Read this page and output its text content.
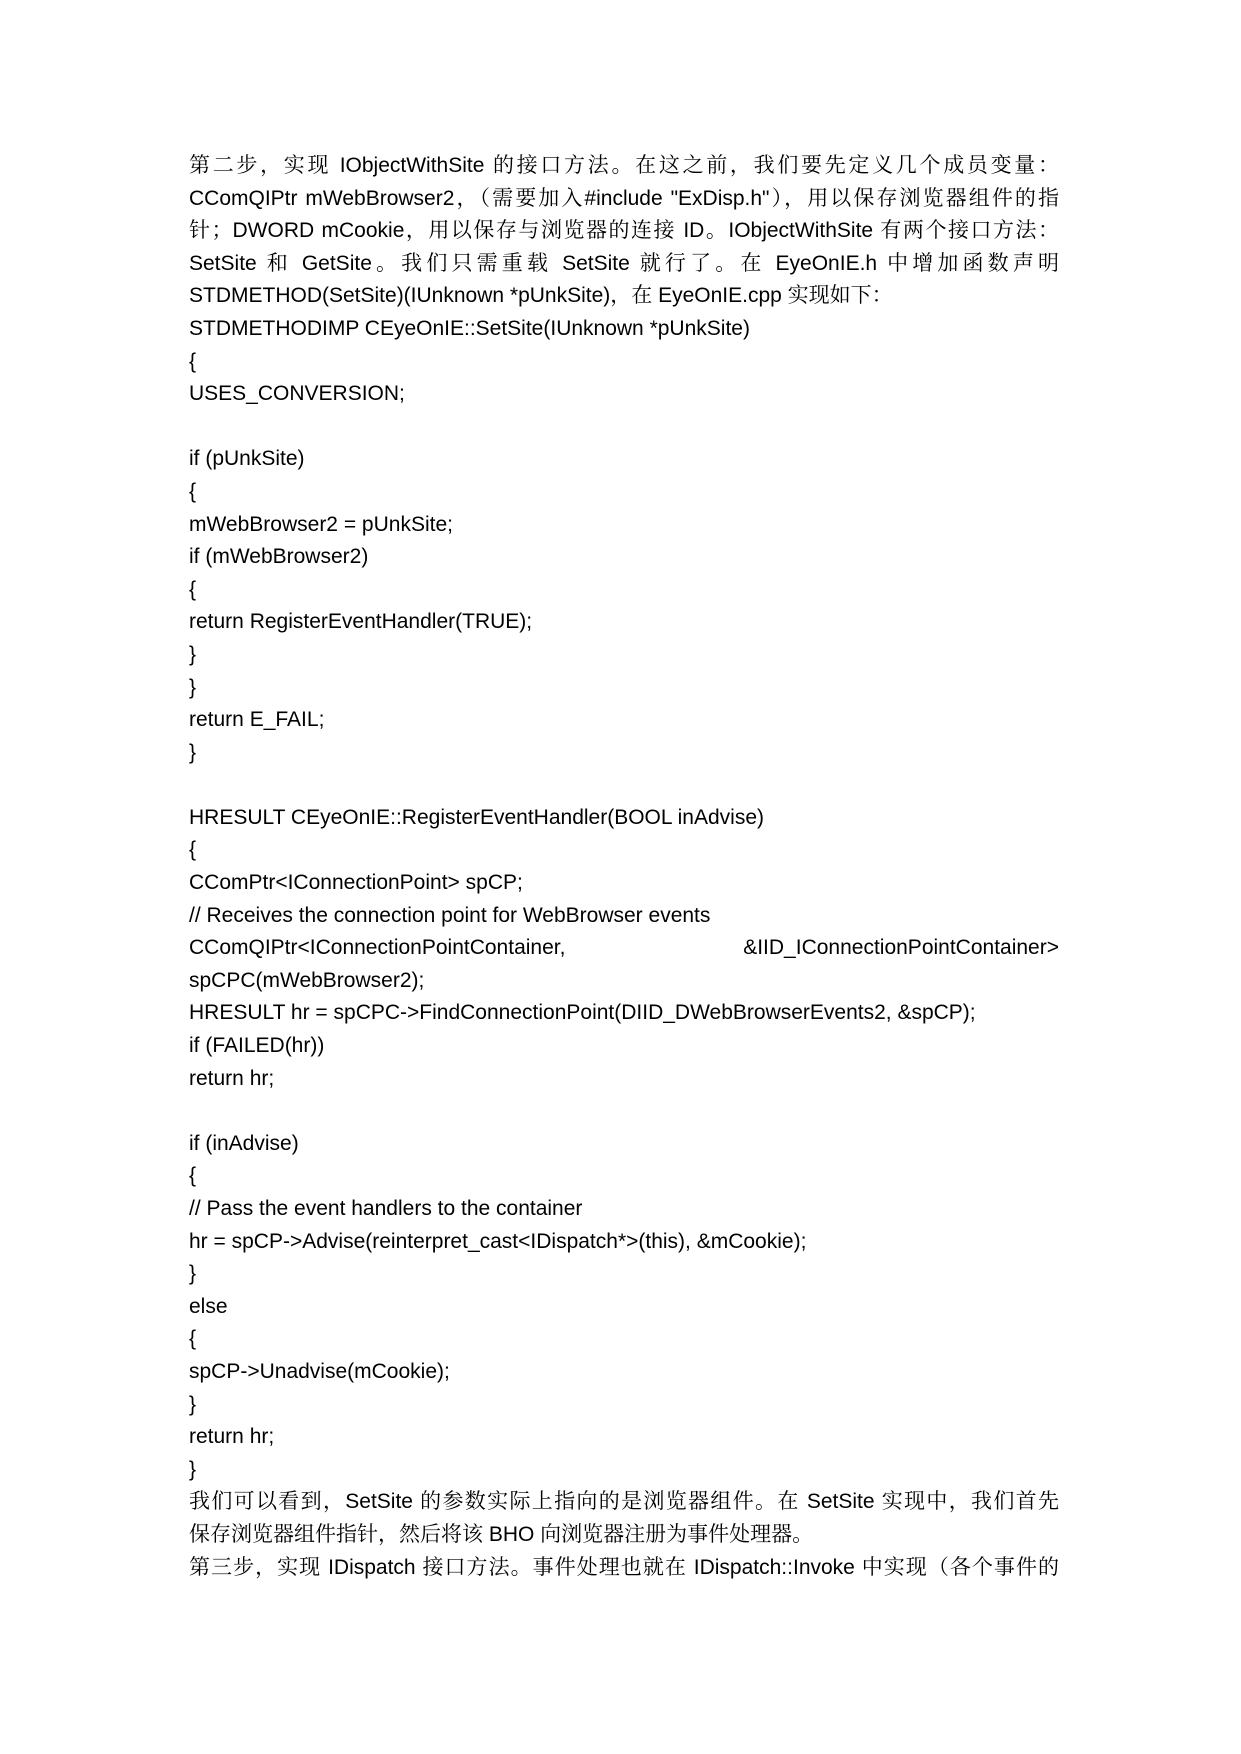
第二步，实现 IObjectWithSite 的接口方法。在这之前，我们要先定义几个成员变量：
CComQIPtr mWebBrowser2，（需要加入#include "ExDisp.h"），用以保存浏览器组件的指
针；DWORD mCookie，用以保存与浏览器的连接 ID。IObjectWithSite 有两个接口方法：
SetSite 和 GetSite。我们只需重载 SetSite 就行了。在 EyeOnIE.h 中增加函数声明
STDMETHOD(SetSite)(IUnknown *pUnkSite)，在 EyeOnIE.cpp 实现如下：
STDMETHODIMP CEyeOnIE::SetSite(IUnknown *pUnkSite)
{
USES_CONVERSION;
if (pUnkSite)
{
mWebBrowser2 = pUnkSite;
if (mWebBrowser2)
{
return RegisterEventHandler(TRUE);
}
}
return E_FAIL;
}
HRESULT CEyeOnIE::RegisterEventHandler(BOOL inAdvise)
{
CComPtr<IConnectionPoint> spCP;
// Receives the connection point for WebBrowser events
CComQIPtr<IConnectionPointContainer, &IID_IConnectionPointContainer>
spCPC(mWebBrowser2);
HRESULT hr = spCPC->FindConnectionPoint(DIID_DWebBrowserEvents2, &spCP);
if (FAILED(hr))
return hr;
if (inAdvise)
{
// Pass the event handlers to the container
hr = spCP->Advise(reinterpret_cast<IDispatch*>(this), &mCookie);
}
else
{
spCP->Unadvise(mCookie);
}
return hr;
}
我们可以看到，SetSite 的参数实际上指向的是浏览器组件。在 SetSite 实现中，我们首先
保存浏览器组件指针，然后将该 BHO 向浏览器注册为事件处理器。
第三步，实现 IDispatch 接口方法。事件处理也就在 IDispatch::Invoke 中实现（各个事件的
